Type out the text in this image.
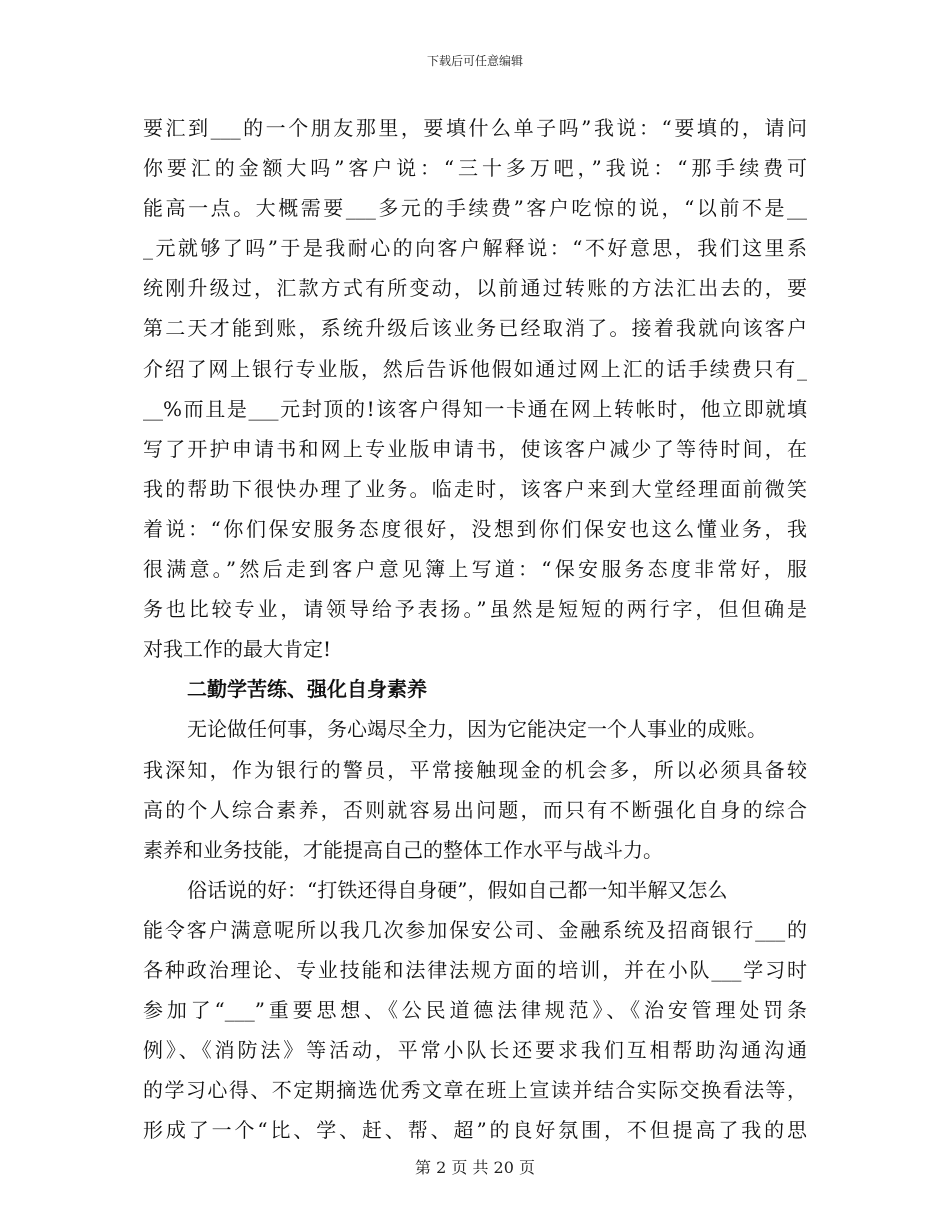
下载后可任意编辑
要汇到___的一个朋友那里，要填什么单子吗”我说：“要填的，请问
你要汇的金额大吗”客户说：“三十多万吧，”我说：“那手续费可
能高一点。大概需要___多元的手续费”客户吃惊的说，“以前不是__
_元就够了吗”于是我耐心的向客户解释说：“不好意思，我们这里系
统刚升级过，汇款方式有所变动，以前通过转账的方法汇出去的，要
第二天才能到账，系统升级后该业务已经取消了。接着我就向该客户
介绍了网上银行专业版，然后告诉他假如通过网上汇的话手续费只有_
__%而且是___元封顶的!该客户得知一卡通在网上转帐时，他立即就填
写了开护申请书和网上专业版申请书，使该客户减少了等待时间，在
我的帮助下很快办理了业务。临走时，该客户来到大堂经理面前微笑
着说：“你们保安服务态度很好，没想到你们保安也这么懂业务，我
很满意。”然后走到客户意见簿上写道：“保安服务态度非常好，服
务也比较专业，请领导给予表扬。”虽然是短短的两行字，但但确是
对我工作的最大肯定!
二勤学苦练、强化自身素养
无论做任何事，务心竭尽全力，因为它能决定一个人事业的成账。
我深知，作为银行的警员，平常接触现金的机会多，所以必须具备较
高的个人综合素养，否则就容易出问题，而只有不断强化自身的综合
素养和业务技能，才能提高自己的整体工作水平与战斗力。
俗话说的好：“打铁还得自身硬”，假如自己都一知半解又怎么
能令客户满意呢所以我几次参加保安公司、金融系统及招商银行___的
各种政治理论、专业技能和法律法规方面的培训，并在小队___学习时
参加了“___”重要思想、《公民道德法律规范》、《治安管理处罚条
例》、《消防法》等活动，平常小队长还要求我们互相帮助沟通沟通
的学习心得、不定期摘选优秀文章在班上宣读并结合实际交换看法等，
形成了一个“比、学、赶、帮、超”的良好氛围，不但提高了我的思
第 2 页 共 20 页
